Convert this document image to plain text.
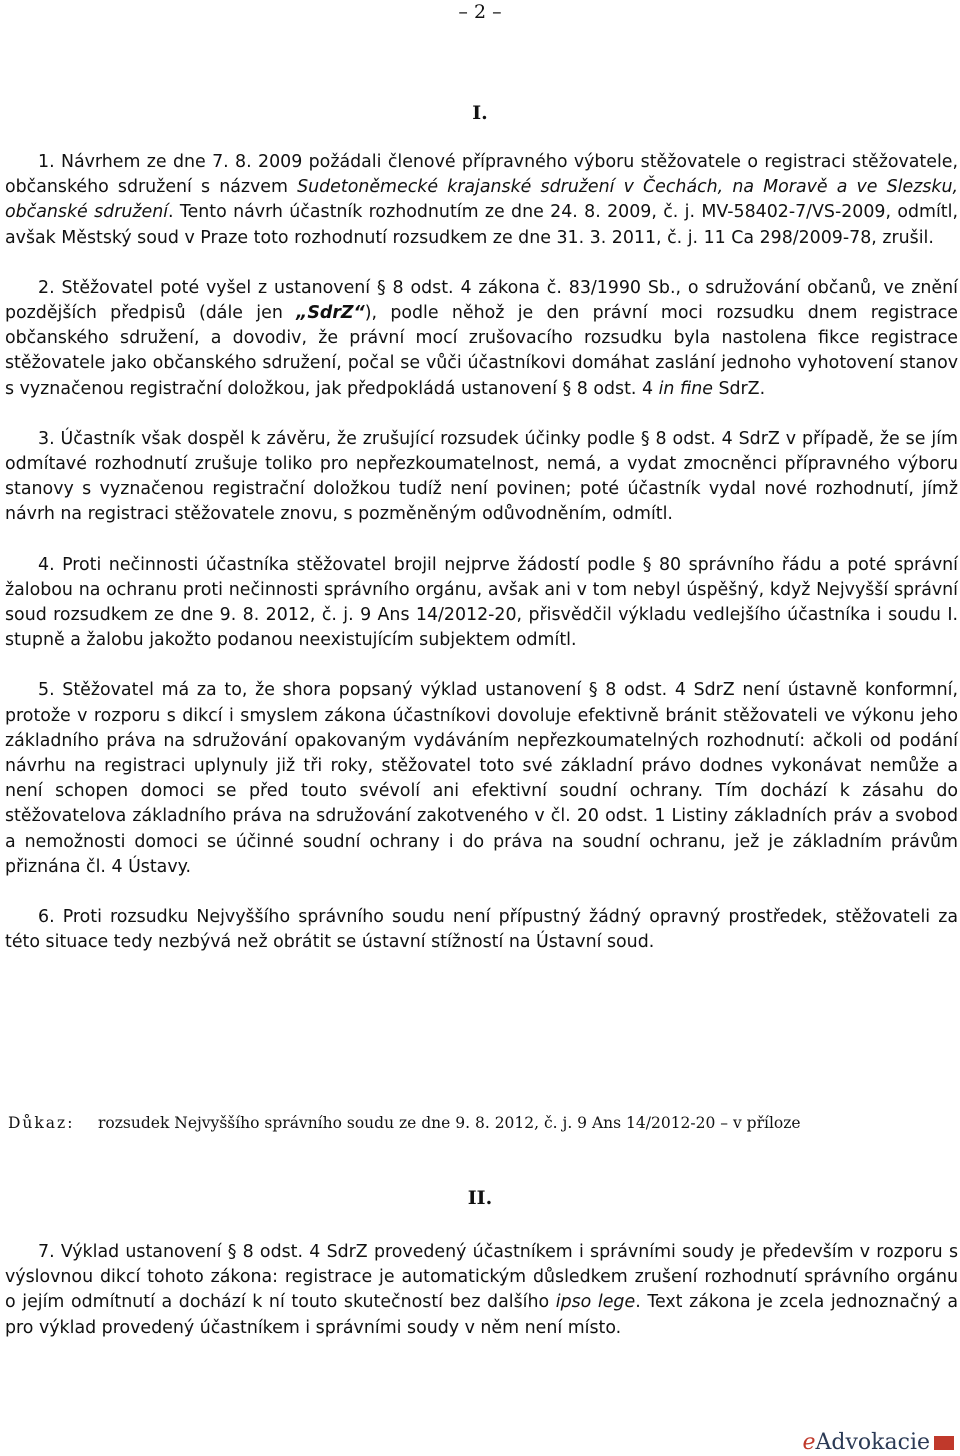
– 2 –
I.

1. Návrhem ze dne 7. 8. 2009 požádali členové přípravného výboru stěžovatele o registraci stěžovatele, občanského sdružení s názvem Sudetoněmecké krajanské sdružení v Čechách, na Moravě a ve Slezsku, občanské sdružení. Tento návrh účastník rozhodnutím ze dne 24. 8. 2009, č. j. MV-58402-7/VS-2009, odmítl, avšak Městský soud v Praze toto rozhodnutí rozsudkem ze dne 31. 3. 2011, č. j. 11 Ca 298/2009-78, zrušil.

2. Stěžovatel poté vyšel z ustanovení § 8 odst. 4 zákona č. 83/1990 Sb., o sdružování občanů, ve znění pozdějších předpisů (dále jen „SdrZ“), podle něhož je den právní moci rozsudku dnem registrace občanského sdružení, a dovodiv, že právní mocí zrušovacího rozsudku byla nastolena fikce registrace stěžovatele jako občanského sdružení, počal se vůči účastníkovi domáhat zaslání jednoho vyhotovení stanov s vyznačenou registrační doložkou, jak předpokládá ustanovení § 8 odst. 4 in fine SdrZ.

3. Účastník však dospěl k závěru, že zrušující rozsudek účinky podle § 8 odst. 4 SdrZ v případě, že se jím odmítavé rozhodnutí zrušuje toliko pro nepřezkoumatelnost, nemá, a vydat zmocněnci přípravného výboru stanovy s vyznačenou registrační doložkou tudíž není povinen; poté účastník vydal nové rozhodnutí, jímž návrh na registraci stěžovatele znovu, s pozměněným odůvodněním, odmítl.

4. Proti nečinnosti účastníka stěžovatel brojil nejprve žádostí podle § 80 správního řádu a poté správní žalobou na ochranu proti nečinnosti správního orgánu, avšak ani v tom nebyl úspěšný, když Nejvyšší správní soud rozsudkem ze dne 9. 8. 2012, č. j. 9 Ans 14/2012-20, přisvědčil výkladu vedlejšího účastníka i soudu I. stupně a žalobu jakožto podanou neexistujícím subjektem odmítl.

5. Stěžovatel má za to, že shora popsaný výklad ustanovení § 8 odst. 4 SdrZ není ústavně konformní, protože v rozporu s dikcí i smyslem zákona účastníkovi dovoluje efektivně bránit stěžovateli ve výkonu jeho základního práva na sdružování opakovaným vydáváním nepřezkoumatelných rozhodnutí: ačkoli od podání návrhu na registraci uplynuly již tři roky, stěžovatel toto své základní právo dodnes vykonávat nemůže a není schopen domoci se před touto svévolí ani efektivní soudní ochrany. Tím dochází k zásahu do stěžovatelova základního práva na sdružování zakotveného v čl. 20 odst. 1 Listiny základních práv a svobod a nemožnosti domoci se účinné soudní ochrany i do práva na soudní ochranu, jež je základním právům přiznána čl. 4 Ústavy.

6. Proti rozsudku Nejvyššího správního soudu není přípustný žádný opravný prostředek, stěžovateli za této situace tedy nezbývá než obrátit se ústavní stížností na Ústavní soud.

Důkaz: rozsudek Nejvyššího správního soudu ze dne 9. 8. 2012, č. j. 9 Ans 14/2012-20 – v příloze
II.

7. Výklad ustanovení § 8 odst. 4 SdrZ provedený účastníkem i správními soudy je především v rozporu s výslovnou dikcí tohoto zákona: registrace je automatickým důsledkem zrušení rozhodnutí správního orgánu o jejím odmítnutí a dochází k ní touto skutečností bez dalšího ipso lege. Text zákona je zcela jednoznačný a pro výklad provedený účastníkem i správními soudy v něm není místo.

eAdvokacie
